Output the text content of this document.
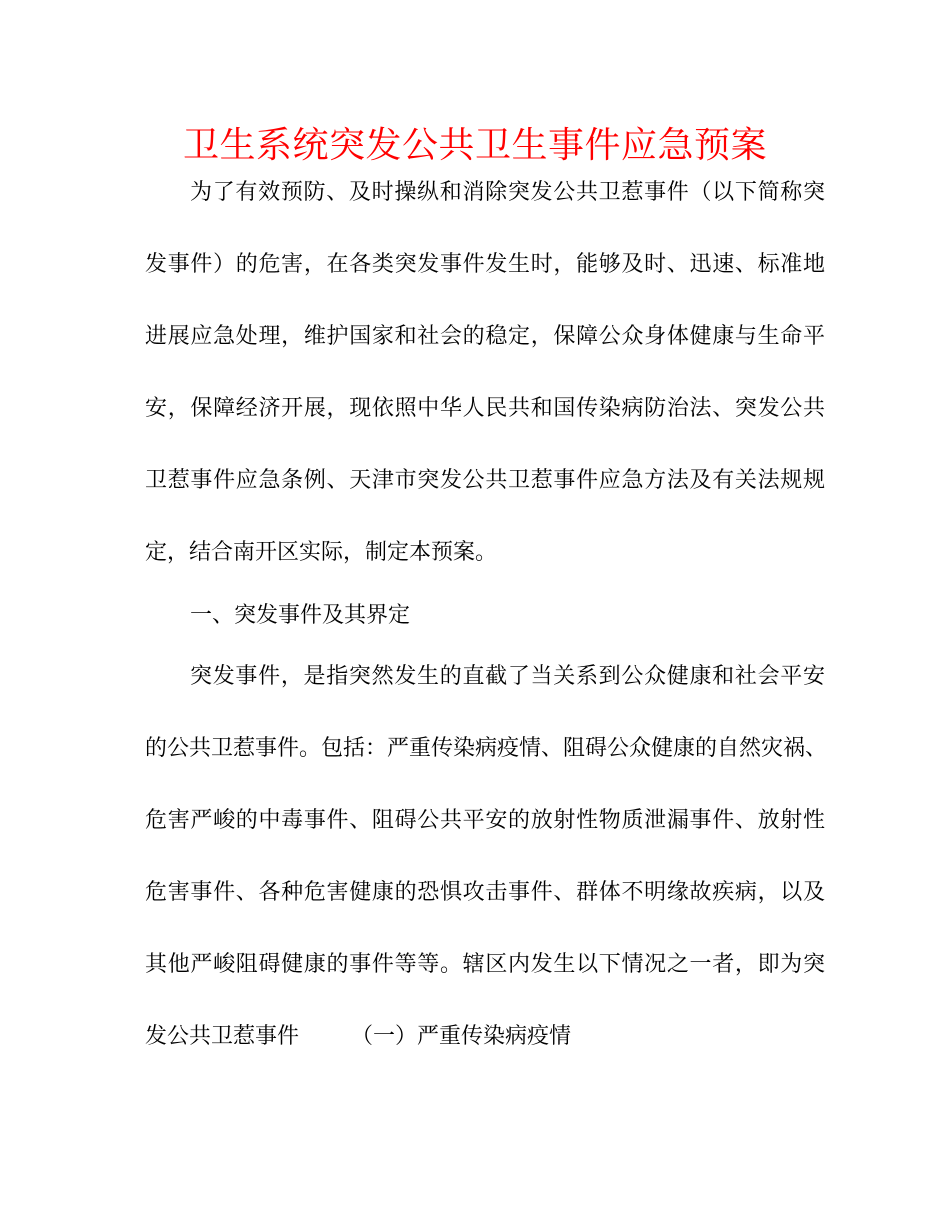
卫生系统突发公共卫生事件应急预案

为了有效预防、及时操纵和消除突发公共卫惹事件（以下简称突

发事件）的危害，在各类突发事件发生时，能够及时、迅速、标准地

进展应急处理，维护国家和社会的稳定，保障公众身体健康与生命平

安，保障经济开展，现依照中华人民共和国传染病防治法、突发公共

卫惹事件应急条例、天津市突发公共卫惹事件应急方法及有关法规规

定，结合南开区实际，制定本预案。

一、突发事件及其界定

突发事件，是指突然发生的直截了当关系到公众健康和社会平安

的公共卫惹事件。包括：严重传染病疫情、阻碍公众健康的自然灾祸、

危害严峻的中毒事件、阻碍公共平安的放射性物质泄漏事件、放射性

危害事件、各种危害健康的恐惧攻击事件、群体不明缘故疾病，以及

其他严峻阻碍健康的事件等等。辖区内发生以下情况之一者，即为突

发公共卫惹事件 （一）严重传染病疫情
